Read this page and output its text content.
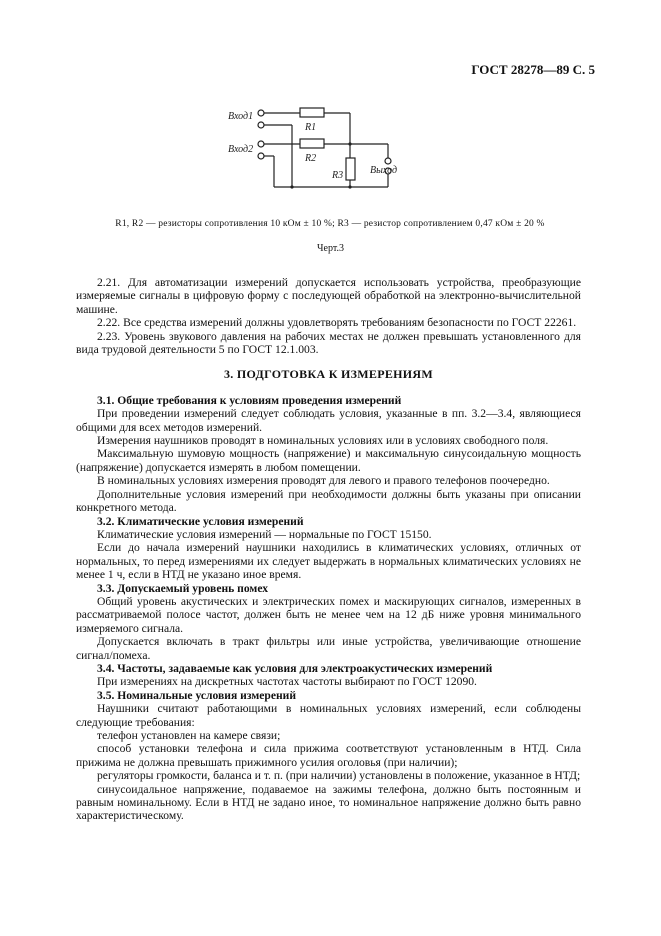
ГОСТ 28278—89 С. 5
Вход1
Вход2
R1
R2
R3	Выход
R1, R2 — резисторы сопротивления 10 кОм ± 10 %; R3 — резистор сопротивлением 0,47 кОм ± 20 %
Черт.3

2.21. Для автоматизации измерений допускается использовать устройства, преобразующие измеряемые сигналы в цифровую форму с последующей обработкой на электронно-вычислительной машине.

2.22. Все средства измерений должны удовлетворять требованиям безопасности по ГОСТ 22261.

2.23. Уровень звукового давления на рабочих местах не должен превышать установленного для вида трудовой деятельности 5 по ГОСТ 12.1.003.

3. ПОДГОТОВКА К ИЗМЕРЕНИЯМ

3.1. Общие требования к условиям проведения измерений

При проведении измерений следует соблюдать условия, указанные в пп. 3.2—3.4, являющиеся общими для всех методов измерений.

Измерения наушников проводят в номинальных условиях или в условиях свободного поля.

Максимальную шумовую мощность (напряжение) и максимальную синусоидальную мощность (напряжение) допускается измерять в любом помещении.

В номинальных условиях измерения проводят для левого и правого телефонов поочередно.

Дополнительные условия измерений при необходимости должны быть указаны при описании конкретного метода.

3.2. Климатические условия измерений

Климатические условия измерений — нормальные по ГОСТ 15150.

Если до начала измерений наушники находились в климатических условиях, отличных от нормальных, то перед измерениями их следует выдержать в нормальных климатических условиях не менее 1 ч, если в НТД не указано иное время.

3.3. Допускаемый уровень помех

Общий уровень акустических и электрических помех и маскирующих сигналов, измеренных в рассматриваемой полосе частот, должен быть не менее чем на 12 дБ ниже уровня минимального измеряемого сигнала.

Допускается включать в тракт фильтры или иные устройства, увеличивающие отношение сигнал/помеха.

3.4. Частоты, задаваемые как условия для электроакустических измерений

При измерениях на дискретных частотах частоты выбирают по ГОСТ 12090.

3.5. Номинальные условия измерений

Наушники считают работающими в номинальных условиях измерений, если соблюдены следующие требования:

телефон установлен на камере связи;

способ установки телефона и сила прижима соответствуют установленным в НТД. Сила прижима не должна превышать прижимного усилия оголовья (при наличии);

регуляторы громкости, баланса и т. п. (при наличии) установлены в положение, указанное в НТД;

синусоидальное напряжение, подаваемое на зажимы телефона, должно быть постоянным и равным номинальному. Если в НТД не задано иное, то номинальное напряжение должно быть равно характеристическому.
